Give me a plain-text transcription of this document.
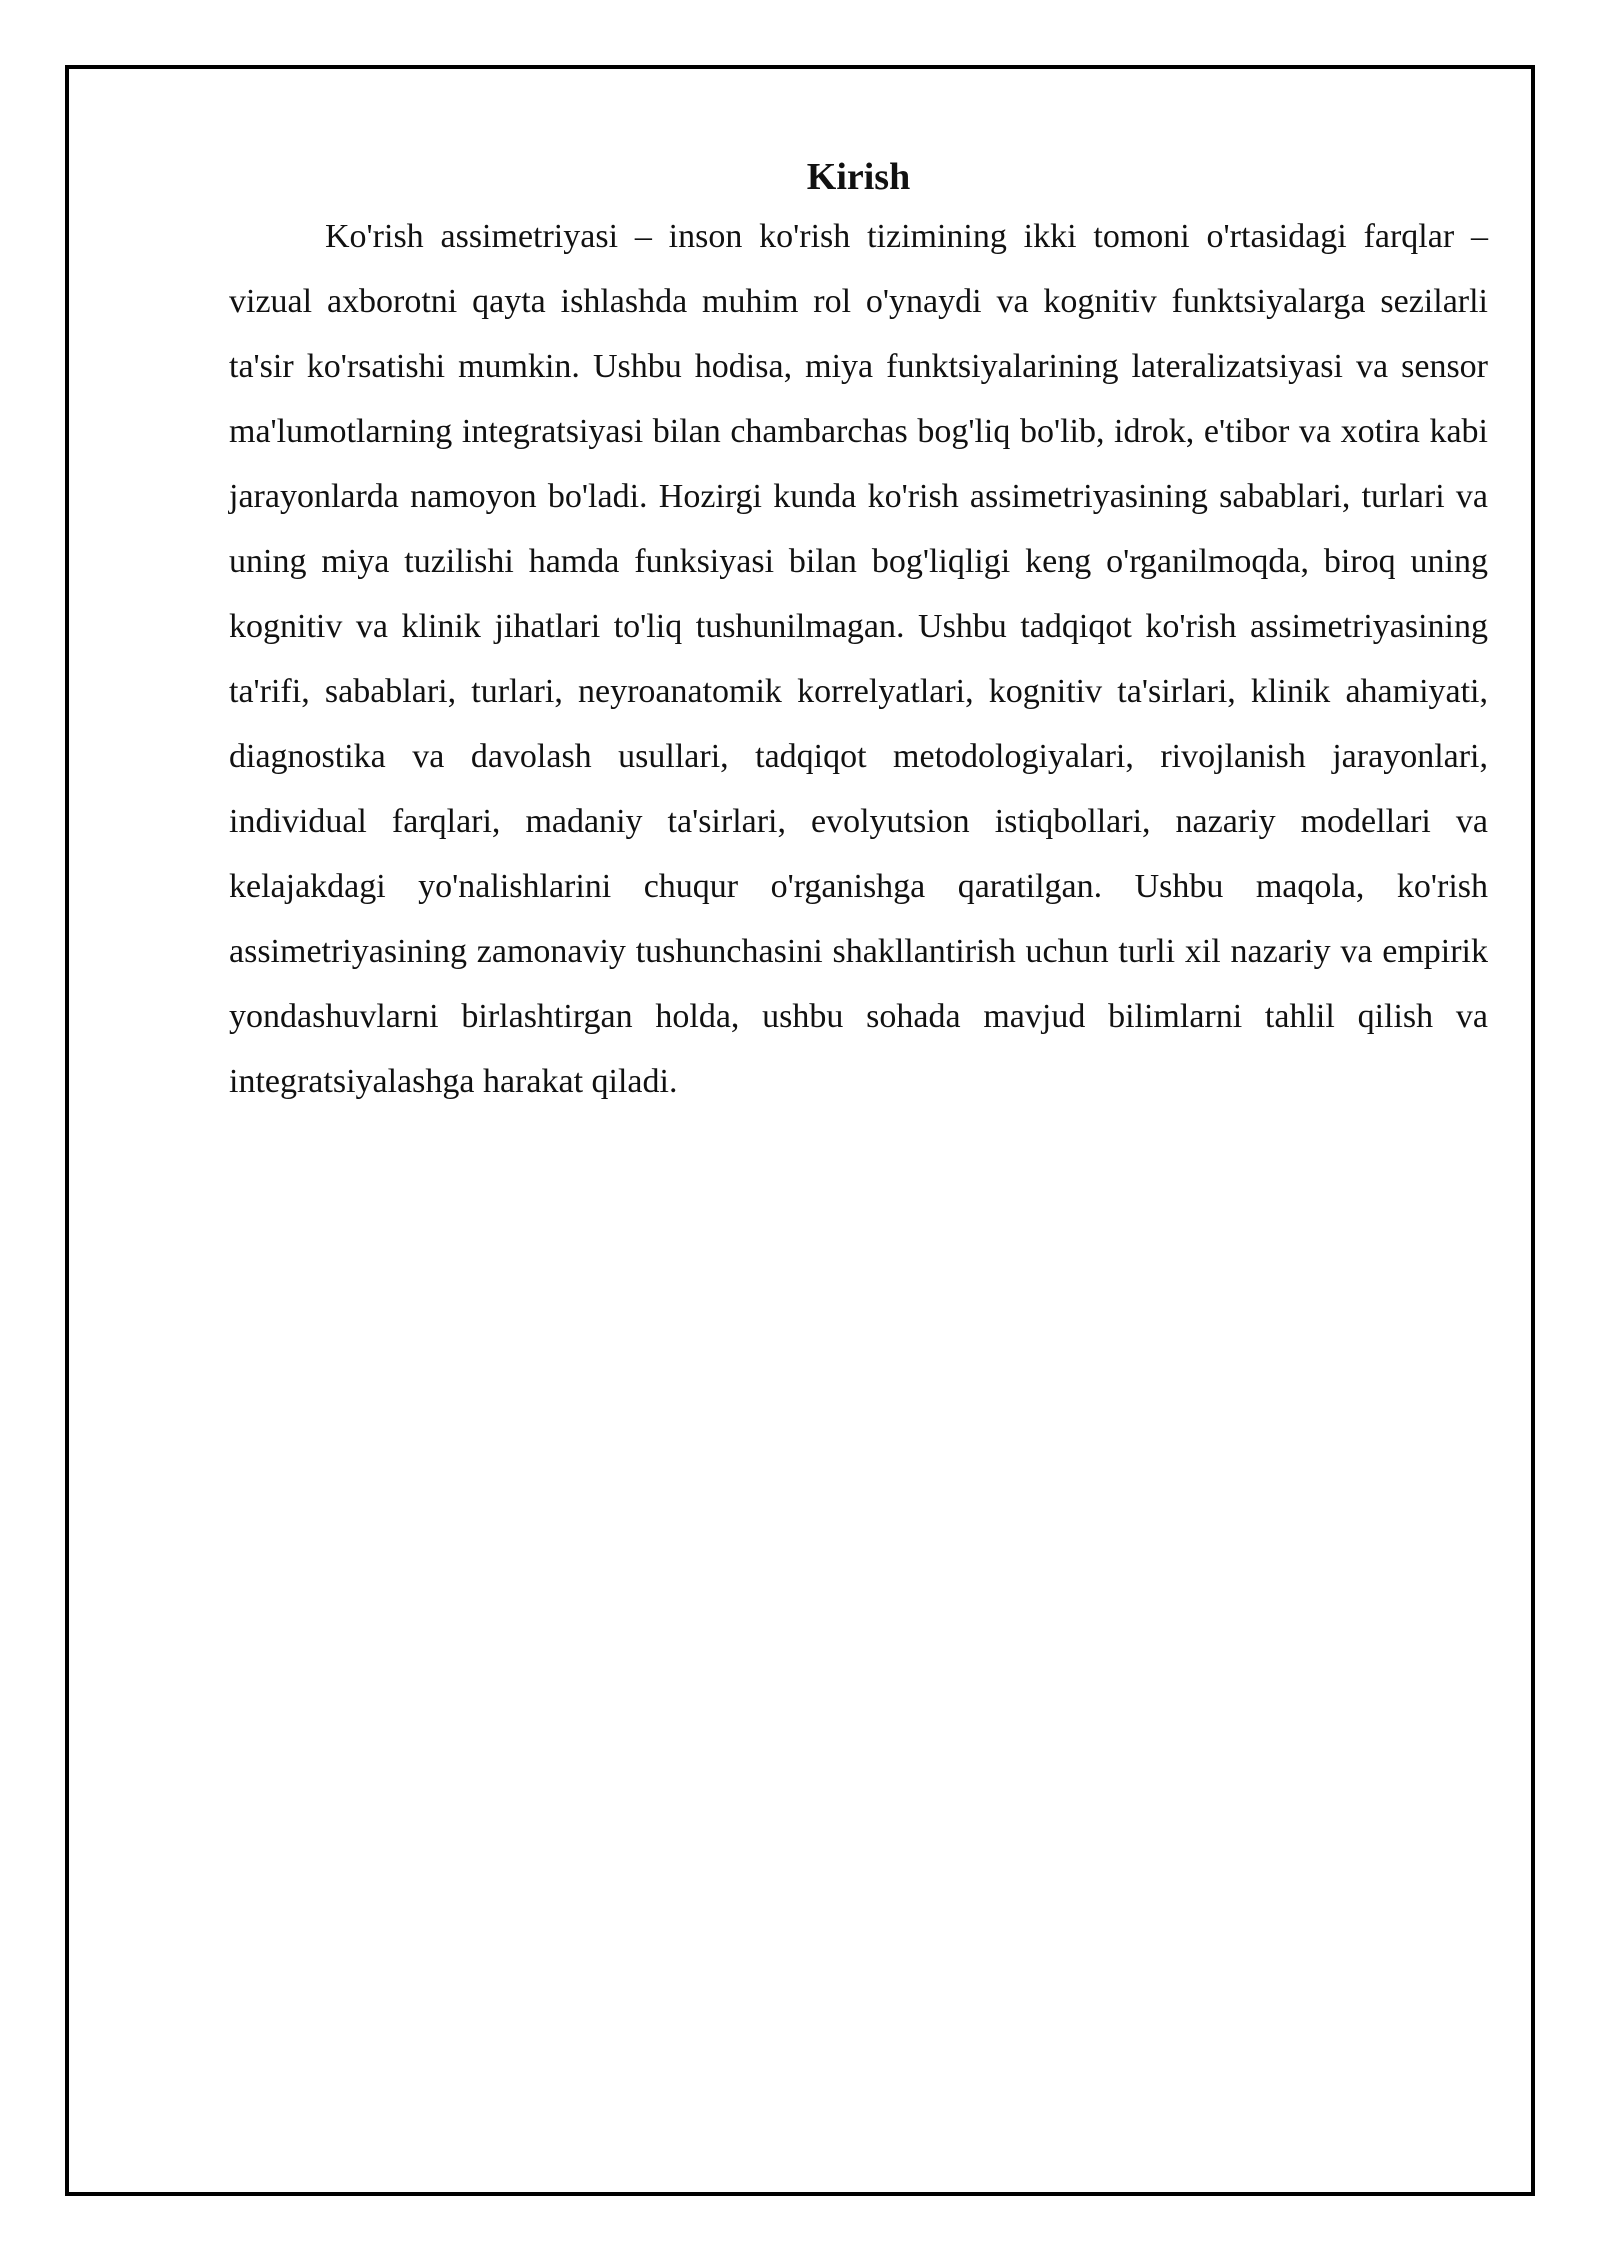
Kirish

Ko'rish assimetriyasi – inson ko'rish tizimining ikki tomoni o'rtasidagi farqlar – vizual axborotni qayta ishlashda muhim rol o'ynaydi va kognitiv funktsiyalarga sezilarli ta'sir ko'rsatishi mumkin. Ushbu hodisa, miya funktsiyalarining lateralizatsiyasi va sensor ma'lumotlarning integratsiyasi bilan chambarchas bog'liq bo'lib, idrok, e'tibor va xotira kabi jarayonlarda namoyon bo'ladi. Hozirgi kunda ko'rish assimetriyasining sabablari, turlari va uning miya tuzilishi hamda funksiyasi bilan bog'liqligi keng o'rganilmoqda, biroq uning kognitiv va klinik jihatlari to'liq tushunilmagan. Ushbu tadqiqot ko'rish assimetriyasining ta'rifi, sabablari, turlari, neyroanatomik korrelyatlari, kognitiv ta'sirlari, klinik ahamiyati, diagnostika va davolash usullari, tadqiqot metodologiyalari, rivojlanish jarayonlari, individual farqlari, madaniy ta'sirlari, evolyutsion istiqbollari, nazariy modellari va kelajakdagi yo'nalishlarini chuqur o'rganishga qaratilgan. Ushbu maqola, ko'rish assimetriyasining zamonaviy tushunchasini shakllantirish uchun turli xil nazariy va empirik yondashuvlarni birlashtirgan holda, ushbu sohada mavjud bilimlarni tahlil qilish va integratsiyalashga harakat qiladi.
